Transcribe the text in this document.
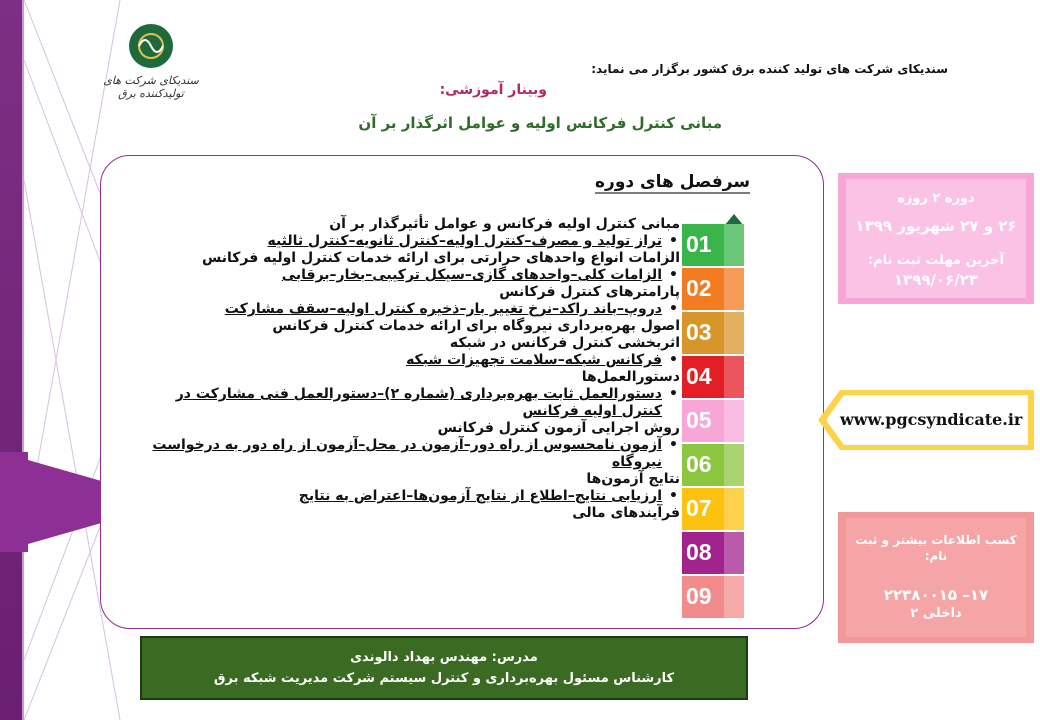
سندیکای شرکت های تولیدکننده برق
سندیکای شرکت های تولید کننده برق کشور برگزار می نماید:
وبینار آموزشی:
مبانی کنترل فرکانس اولیه و عوامل اثرگذار بر آن
سرفصل های دوره
مبانی کنترل اولیه فرکانس و عوامل تأثیرگذار بر آن
• تراز تولید و مصرف–کنترل اولیه–کنترل ثانویه–کنترل ثالثیه
الزامات انواع واحدهای حرارتی برای ارائه خدمات کنترل اولیه فرکانس
• الزامات کلی–واحدهای گازی–سیکل ترکیبی–بخار–برقابی
پارامترهای کنترل فرکانس
• دروپ–باند راکد–نرخ تغییر بار–ذخیره کنترل اولیه–سقف مشارکت
اصول بهره‌برداری نیروگاه برای ارائه خدمات کنترل فرکانس
اثربخشی کنترل فرکانس در شبکه
• فرکانس شبکه–سلامت تجهیزات شبکه
دستورالعمل‌ها
• دستورالعمل ثابت بهره‌برداری (شماره ۲)–دستورالعمل فنی مشارکت در کنترل اولیه فرکانس
روش اجرایی آزمون کنترل فرکانس
• آزمون نامحسوس از راه دور–آزمون در محل–آزمون از راه دور به درخواست نیروگاه
نتایج آزمون‌ها
• ارزیابی نتایج–اطلاع از نتایج آزمون‌ها–اعتراض به نتایج
فرآیندهای مالی
01
02
03
04
05
06
07
08
09
دوره ۲ روزه
۲۶ و ۲۷ شهریور ۱۳۹۹
آخرین مهلت ثبت نام:
۱۳۹۹/۰۶/۲۳
www.pgcsyndicate.ir
کسب اطلاعات بیشتر و ثبت نام:
۱۷– ۲۲۳۸۰۰۱۵
داخلی ۲
مدرس: مهندس بهداد دالوندی
کارشناس مسئول بهره‌برداری و کنترل سیستم شرکت مدیریت شبکه برق
